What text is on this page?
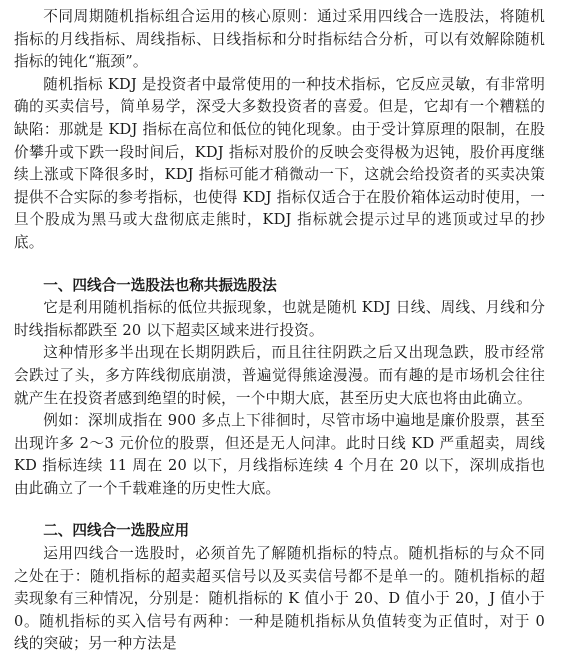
不同周期随机指标组合运用的核心原则：通过采用四线合一选股法，将随机指标的月线指标、周线指标、日线指标和分时指标结合分析，可以有效解除随机指标的钝化“瓶颈”。

随机指标 KDJ 是投资者中最常使用的一种技术指标，它反应灵敏，有非常明确的买卖信号，简单易学，深受大多数投资者的喜爱。但是，它却有一个糟糕的缺陷：那就是 KDJ 指标在高位和低位的钝化现象。由于受计算原理的限制，在股价攀升或下跌一段时间后，KDJ 指标对股价的反映会变得极为迟钝，股价再度继续上涨或下降很多时，KDJ 指标可能才稍微动一下，这就会给投资者的买卖决策提供不合实际的参考指标，也使得 KDJ 指标仅适合于在股价箱体运动时使用，一旦个股成为黑马或大盘彻底走熊时，KDJ 指标就会提示过早的逃顶或过早的抄底。

一、四线合一选股法也称共振选股法

它是利用随机指标的低位共振现象，也就是随机 KDJ 日线、周线、月线和分时线指标都跌至 20 以下超卖区域来进行投资。

这种情形多半出现在长期阴跌后，而且往往阴跌之后又出现急跌，股市经常会跌过了头，多方阵线彻底崩溃，普遍觉得熊途漫漫。而有趣的是市场机会往往就产生在投资者感到绝望的时候，一个中期大底，甚至历史大底也将由此确立。

例如：深圳成指在 900 多点上下徘徊时，尽管市场中遍地是廉价股票，甚至出现许多 2～3 元价位的股票，但还是无人问津。此时日线 KD 严重超卖，周线 KD 指标连续 11 周在 20 以下，月线指标连续 4 个月在 20 以下，深圳成指也由此确立了一个千载难逢的历史性大底。

二、四线合一选股应用

运用四线合一选股时，必须首先了解随机指标的特点。随机指标的与众不同之处在于：随机指标的超卖超买信号以及买卖信号都不是单一的。随机指标的超卖现象有三种情况，分别是：随机指标的 K 值小于 20、D 值小于 20，J 值小于 0。随机指标的买入信号有两种：一种是随机指标从负值转变为正值时，对于 0 线的突破；另一种方法是
